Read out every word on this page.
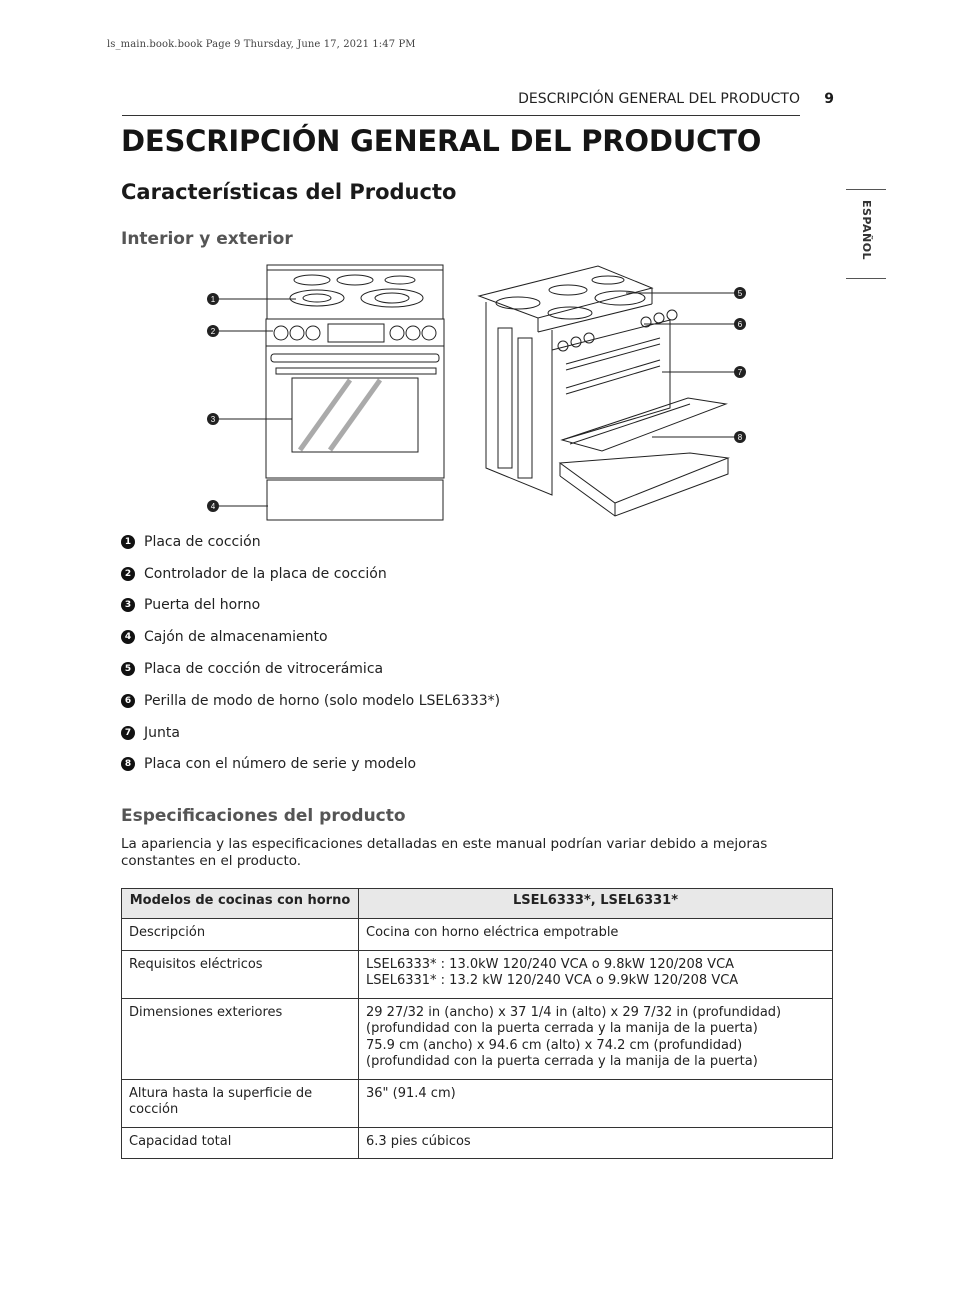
ls_main.book.book Page 9 Thursday, June 17, 2021 1:47 PM
DESCRIPCIÓN GENERAL DEL PRODUCTO	9
ESPAÑOL
DESCRIPCIÓN GENERAL DEL PRODUCTO
Características del Producto
Interior y exterior
1
2
3
4
5
6
7
8
1 Placa de cocción
2 Controlador de la placa de cocción
3 Puerta del horno
4 Cajón de almacenamiento
5 Placa de cocción de vitrocerámica
6 Perilla de modo de horno (solo modelo LSEL6333*)
7 Junta
8 Placa con el número de serie y modelo
Especificaciones del producto

La apariencia y las especificaciones detalladas en este manual podrían variar debido a mejoras constantes en el producto.

Modelos de cocinas con horno	LSEL6333*, LSEL6331*
Descripción	Cocina con horno eléctrica empotrable

Requisitos eléctricos	LSEL6333* : 13.0kW 120/240 VCA o 9.8kW 120/208 VCA
LSEL6331* : 13.2 kW 120/240 VCA o 9.9kW 120/208 VCA

Dimensiones exteriores	29 27/32 in (ancho) x 37 1/4 in (alto) x 29 7/32 in (profundidad) (profundidad con la puerta cerrada y la manija de la puerta)
75.9 cm (ancho) x 94.6 cm (alto) x 74.2 cm (profundidad) (profundidad con la puerta cerrada y la manija de la puerta)

Altura hasta la superficie de cocción	36" (91.4 cm)

Capacidad total	6.3 pies cúbicos
